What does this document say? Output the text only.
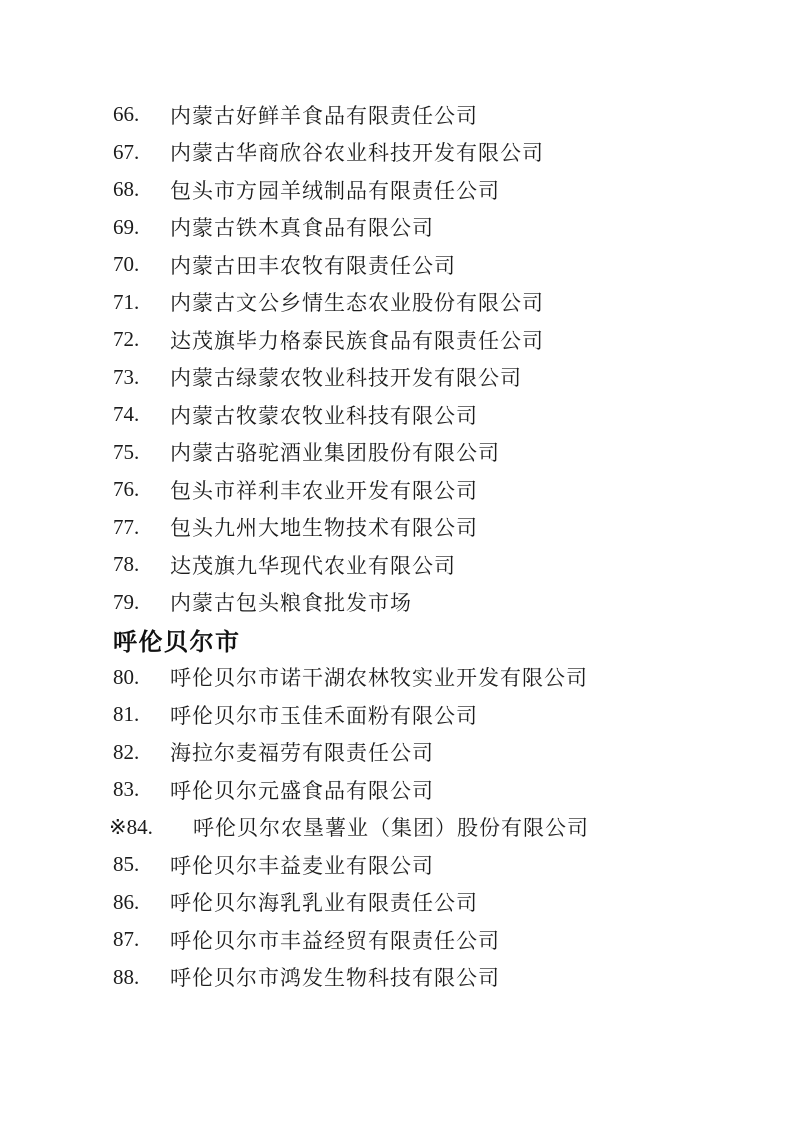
66.	内蒙古好鲜羊食品有限责任公司
67.	内蒙古华商欣谷农业科技开发有限公司
68.	包头市方园羊绒制品有限责任公司
69.	内蒙古铁木真食品有限公司
70.	内蒙古田丰农牧有限责任公司
71.	内蒙古文公乡情生态农业股份有限公司
72.	达茂旗毕力格泰民族食品有限责任公司
73.	内蒙古绿蒙农牧业科技开发有限公司
74.	内蒙古牧蒙农牧业科技有限公司
75.	内蒙古骆驼酒业集团股份有限公司
76.	包头市祥利丰农业开发有限公司
77.	包头九州大地生物技术有限公司
78.	达茂旗九华现代农业有限公司
79.	内蒙古包头粮食批发市场
呼伦贝尔市
80.	呼伦贝尔市诺干湖农林牧实业开发有限公司
81.	呼伦贝尔市玉佳禾面粉有限公司
82.	海拉尔麦福劳有限责任公司
83.	呼伦贝尔元盛食品有限公司
※84.	呼伦贝尔农垦薯业（集团）股份有限公司
85.	呼伦贝尔丰益麦业有限公司
86.	呼伦贝尔海乳乳业有限责任公司
87.	呼伦贝尔市丰益经贸有限责任公司
88.	呼伦贝尔市鸿发生物科技有限公司
